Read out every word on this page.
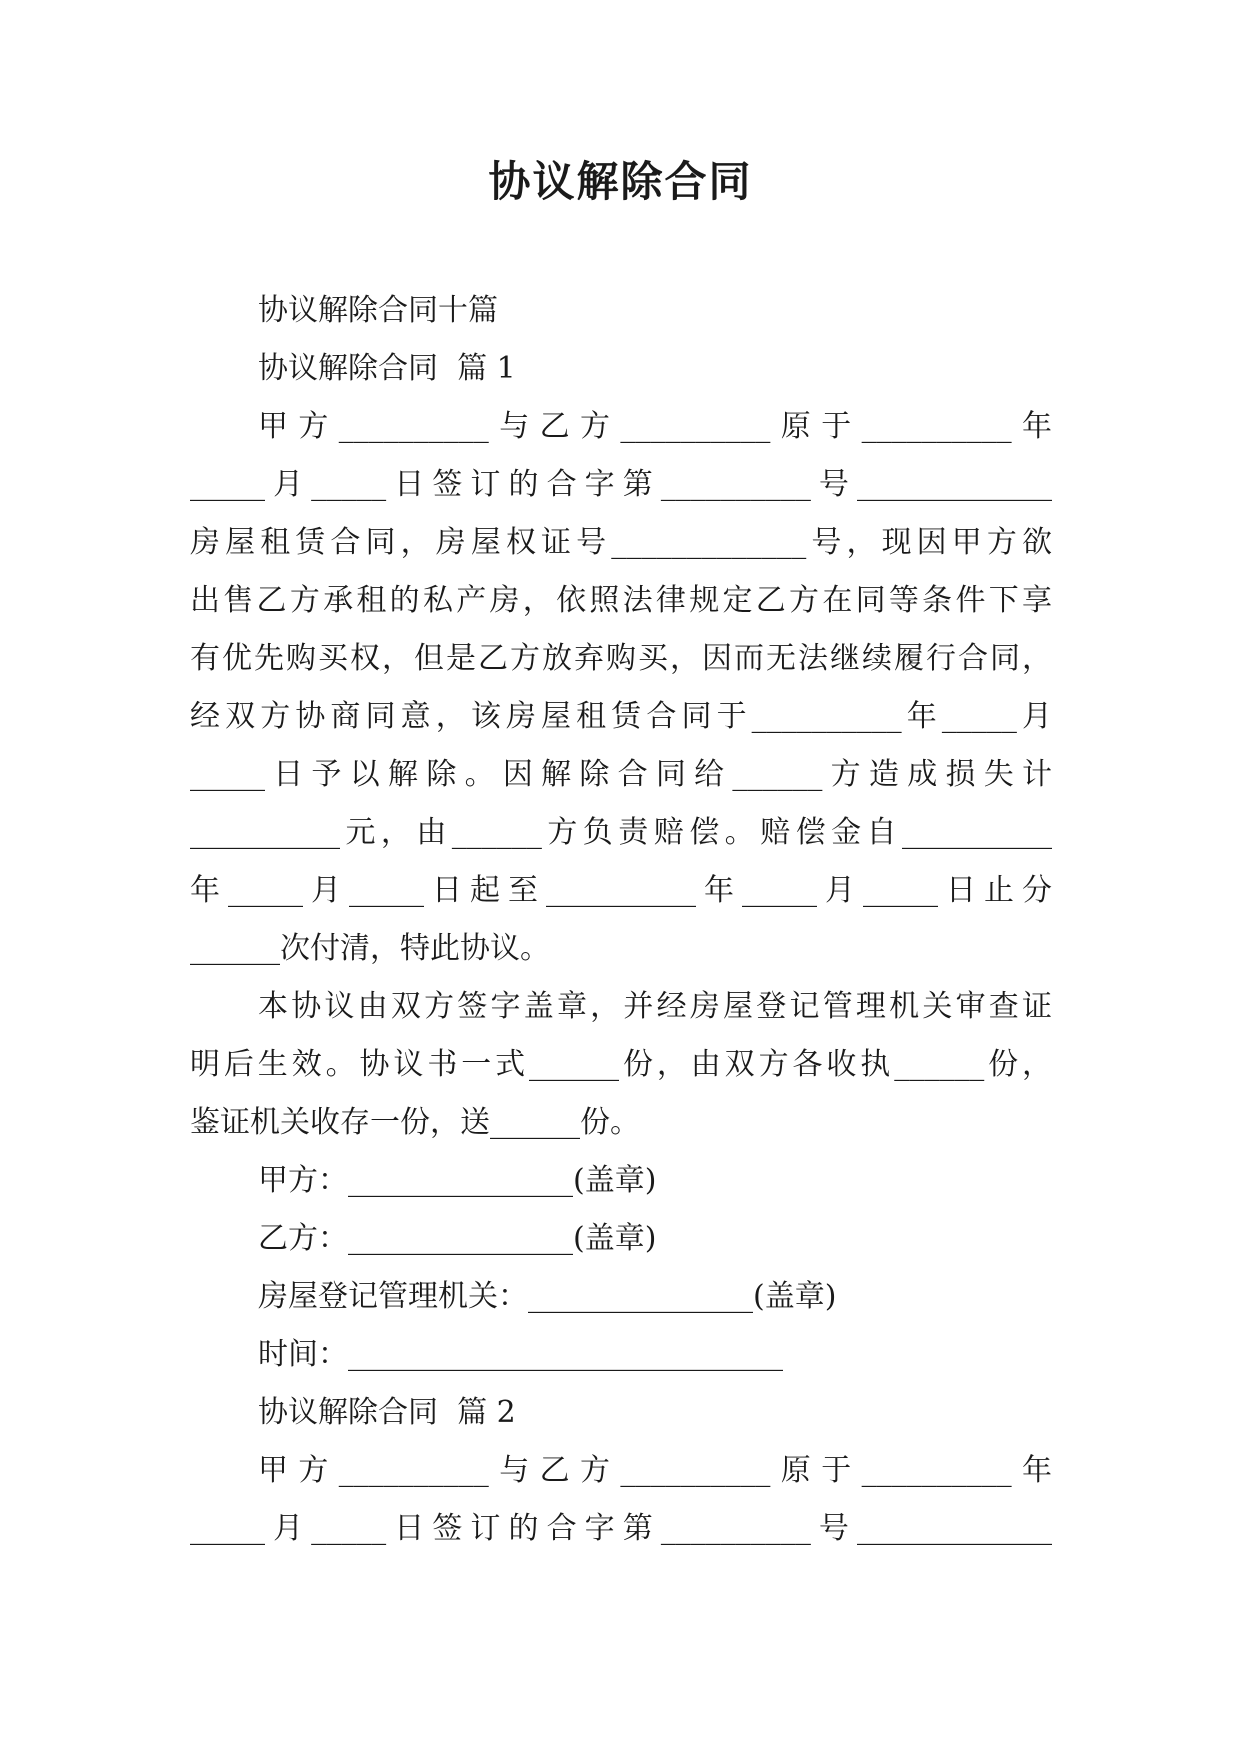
协议解除合同
协议解除合同十篇
协议解除合同  篇 1
甲方__________与乙方__________原于__________年
_____月_____日签订的合字第__________号_____________
房屋租赁合同，房屋权证号_____________号，现因甲方欲
出售乙方承租的私产房，依照法律规定乙方在同等条件下享
有优先购买权，但是乙方放弃购买，因而无法继续履行合同，
经双方协商同意，该房屋租赁合同于__________年_____月
_____日予以解除。因解除合同给______方造成损失计
__________元，由______方负责赔偿。赔偿金自__________
年_____月_____日起至__________年_____月_____日止分
______次付清，特此协议。
本协议由双方签字盖章，并经房屋登记管理机关审查证
明后生效。协议书一式______份，由双方各收执______份，
鉴证机关收存一份，送______份。
甲方：_______________(盖章)
乙方：_______________(盖章)
房屋登记管理机关：_______________(盖章)
时间：_____________________________
协议解除合同  篇 2
甲方__________与乙方__________原于__________年
_____月_____日签订的合字第__________号_____________
